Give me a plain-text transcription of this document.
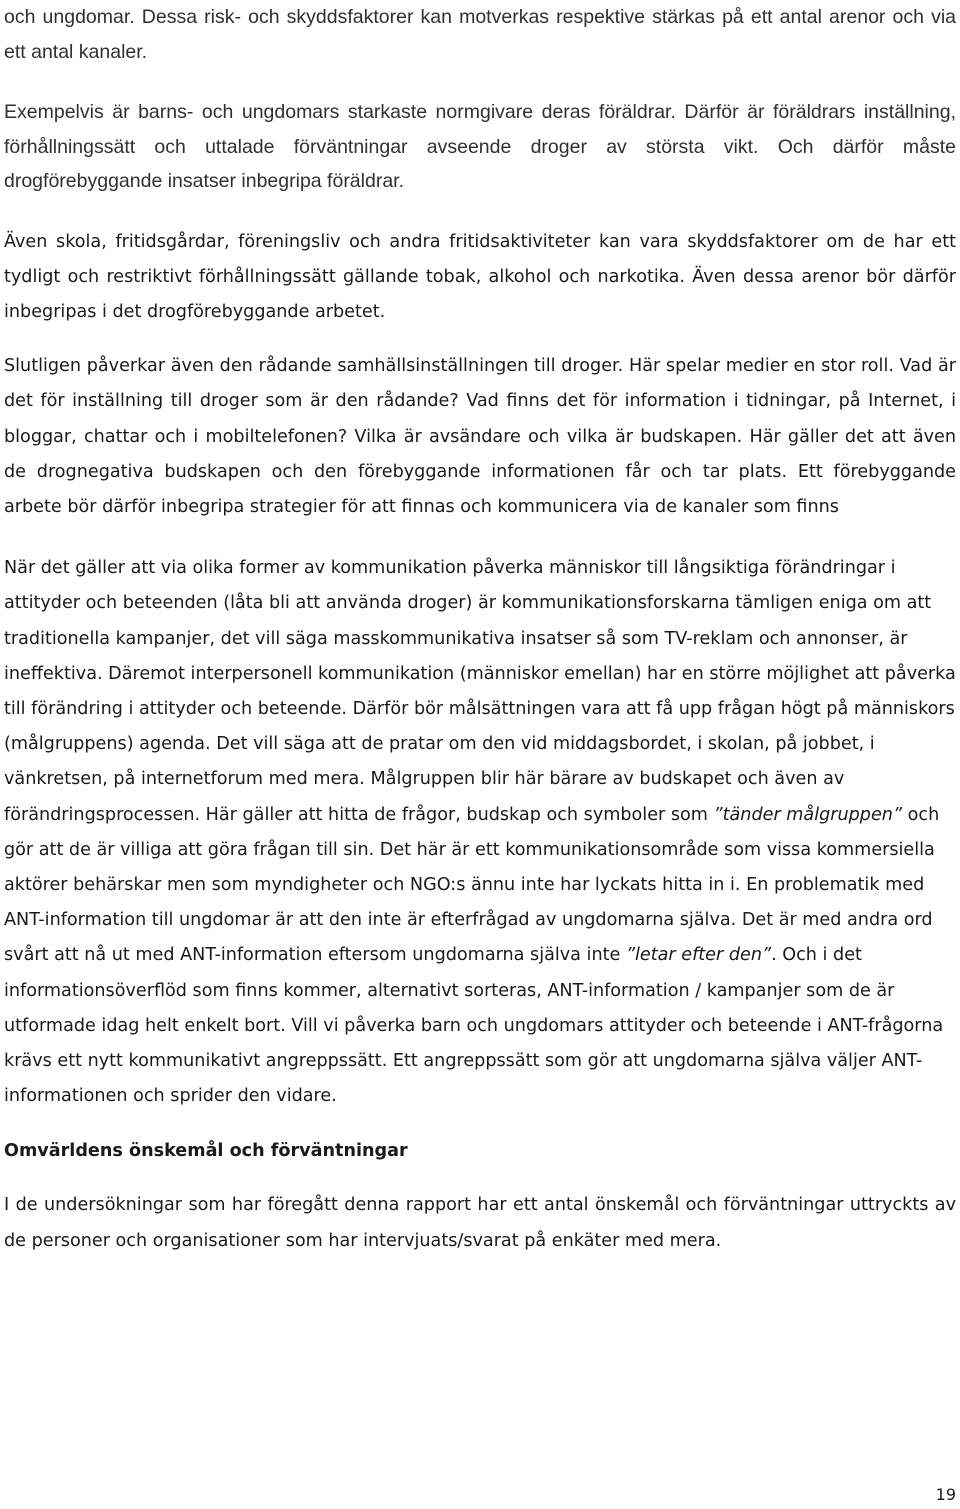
och ungdomar. Dessa risk- och skyddsfaktorer kan motverkas respektive stärkas på ett antal arenor och via ett antal kanaler.

Exempelvis är barns- och ungdomars starkaste normgivare deras föräldrar. Därför är föräldrars inställning, förhållningssätt och uttalade förväntningar avseende droger av största vikt. Och därför måste drogförebyggande insatser inbegripa föräldrar.

Även skola, fritidsgårdar, föreningsliv och andra fritidsaktiviteter kan vara skyddsfaktorer om de har ett tydligt och restriktivt förhållningssätt gällande tobak, alkohol och narkotika. Även dessa arenor bör därför inbegripas i det drogförebyggande arbetet.

Slutligen påverkar även den rådande samhällsinställningen till droger. Här spelar medier en stor roll. Vad är det för inställning till droger som är den rådande? Vad finns det för information i tidningar, på Internet, i bloggar, chattar och i mobiltelefonen? Vilka är avsändare och vilka är budskapen. Här gäller det att även de drognegativa budskapen och den förebyggande informationen får och tar plats. Ett förebyggande arbete bör därför inbegripa strategier för att finnas och kommunicera via de kanaler som finns

När det gäller att via olika former av kommunikation påverka människor till långsiktiga förändringar i attityder och beteenden (låta bli att använda droger) är kommunikationsforskarna tämligen eniga om att traditionella kampanjer, det vill säga masskommunikativa insatser så som TV-reklam och annonser, är ineffektiva. Däremot interpersonell kommunikation (människor emellan) har en större möjlighet att påverka till förändring i attityder och beteende. Därför bör målsättningen vara att få upp frågan högt på människors (målgruppens) agenda. Det vill säga att de pratar om den vid middagsbordet, i skolan, på jobbet, i vänkretsen, på internetforum med mera. Målgruppen blir här bärare av budskapet och även av förändringsprocessen. Här gäller att hitta de frågor, budskap och symboler som ”tänder målgruppen” och gör att de är villiga att göra frågan till sin. Det här är ett kommunikationsområde som vissa kommersiella aktörer behärskar men som myndigheter och NGO:s ännu inte har lyckats hitta in i. En problematik med ANT-information till ungdomar är att den inte är efterfrågad av ungdomarna själva. Det är med andra ord svårt att nå ut med ANT-information eftersom ungdomarna själva inte ”letar efter den”. Och i det informationsöverflöd som finns kommer, alternativt sorteras, ANT-information / kampanjer som de är utformade idag helt enkelt bort. Vill vi påverka barn och ungdomars attityder och beteende i ANT-frågorna krävs ett nytt kommunikativt angreppssätt. Ett angreppssätt som gör att ungdomarna själva väljer ANT-informationen och sprider den vidare.

Omvärldens önskemål och förväntningar

I de undersökningar som har föregått denna rapport har ett antal önskemål och förväntningar uttryckts av de personer och organisationer som har intervjuats/svarat på enkäter med mera.

19
